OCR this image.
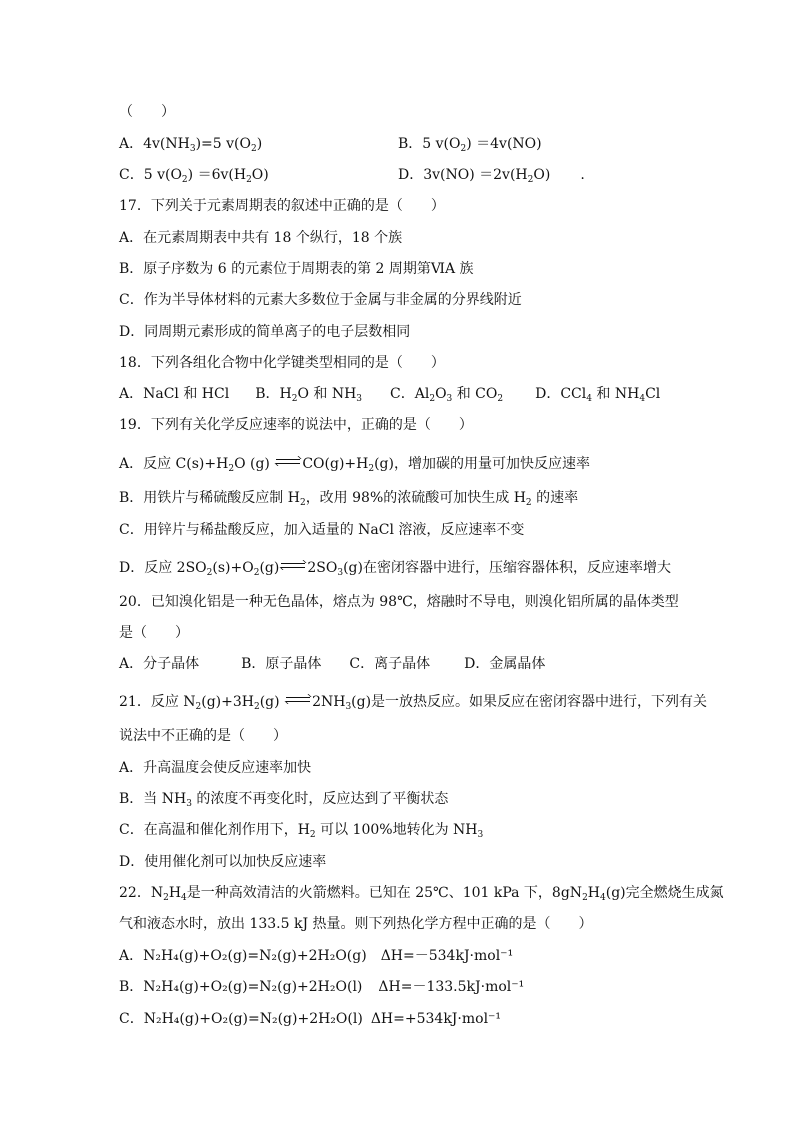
（　　）
A．$4v(NH_3)=5$ $v(O_2)$	B．5 $v(O_2) =4v(NO)$
C．5 $v(O_2) =6v(H_2O)$	D．$3v(NO) =2v(H_2O)$ .
17．下列关于元素周期表的叙述中正确的是（　　）
A．在元素周期表中共有 18 个纵行，18 个族
B．原子序数为 6 的元素位于周期表的第 2 周期第ⅥA 族
C．作为半导体材料的元素大多数位于金属与非金属的分界线附近
D．同周期元素形成的简单离子的电子层数相同
18．下列各组化合物中化学键类型相同的是（　　）
A．NaCl 和 HCl B．$H_2O$ 和 $NH_3$ C．$Al_2O_3$ 和 $CO_2$ D．CCl$_4$ 和 $NH_4Cl$
19．下列有关化学反应速率的说法中，正确的是（　　）
A．反应 $C(s)+H_2O$ (g)
$CO(g)+H_2(g)$，增加碳的用量可加快反应速率
B．用铁片与稀硫酸反应制 $H_2$，改用 98%的浓硫酸可加快生成 $H_2$ 的速率
C．用锌片与稀盐酸反应，加入适量的 NaCl 溶液，反应速率不变
D．反应 $2SO_2(s)+O_2(g)$ $2SO_3(g)$在密闭容器中进行，压缩容器体积，反应速率增大
20．已知溴化铝是一种无色晶体，熔点为 98℃，熔融时不导电，则溴化铝所属的晶体类型
是（　　）
A．分子晶体	B．原子晶体 C．离子晶体 D．金属晶体
21．反应 $N_2(g)+3H_2(g)$
$2NH_3(g)$是一放热反应。如果反应在密闭容器中进行，下列有关
说法中不正确的是（　　）
A．升高温度会使反应速率加快
B．当 $NH_3$ 的浓度不再变化时，反应达到了平衡状态
C．在高温和催化剂作用下，$H_2$ 可以 100%地转化为 $NH_3$
D．使用催化剂可以加快反应速率
22．$N_2H_4$是一种高效清洁的火箭燃料。已知在 25℃、101 kPa 下，$8gN_2H_4(g)$完全燃烧生成氮
气和液态水时，放出 133.5 kJ 热量。则下列热化学方程中正确的是（　　）
A．N₂H₄(g)+O₂(g)=N₂(g)+2H₂O(g) ΔH=－534kJ·mol⁻¹
B．N₂H₄(g)+O₂(g)=N₂(g)+2H₂O(l) ΔH=－133.5kJ·mol⁻¹
C．N₂H₄(g)+O₂(g)=N₂(g)+2H₂O(l) ΔH=+534kJ·mol⁻¹
